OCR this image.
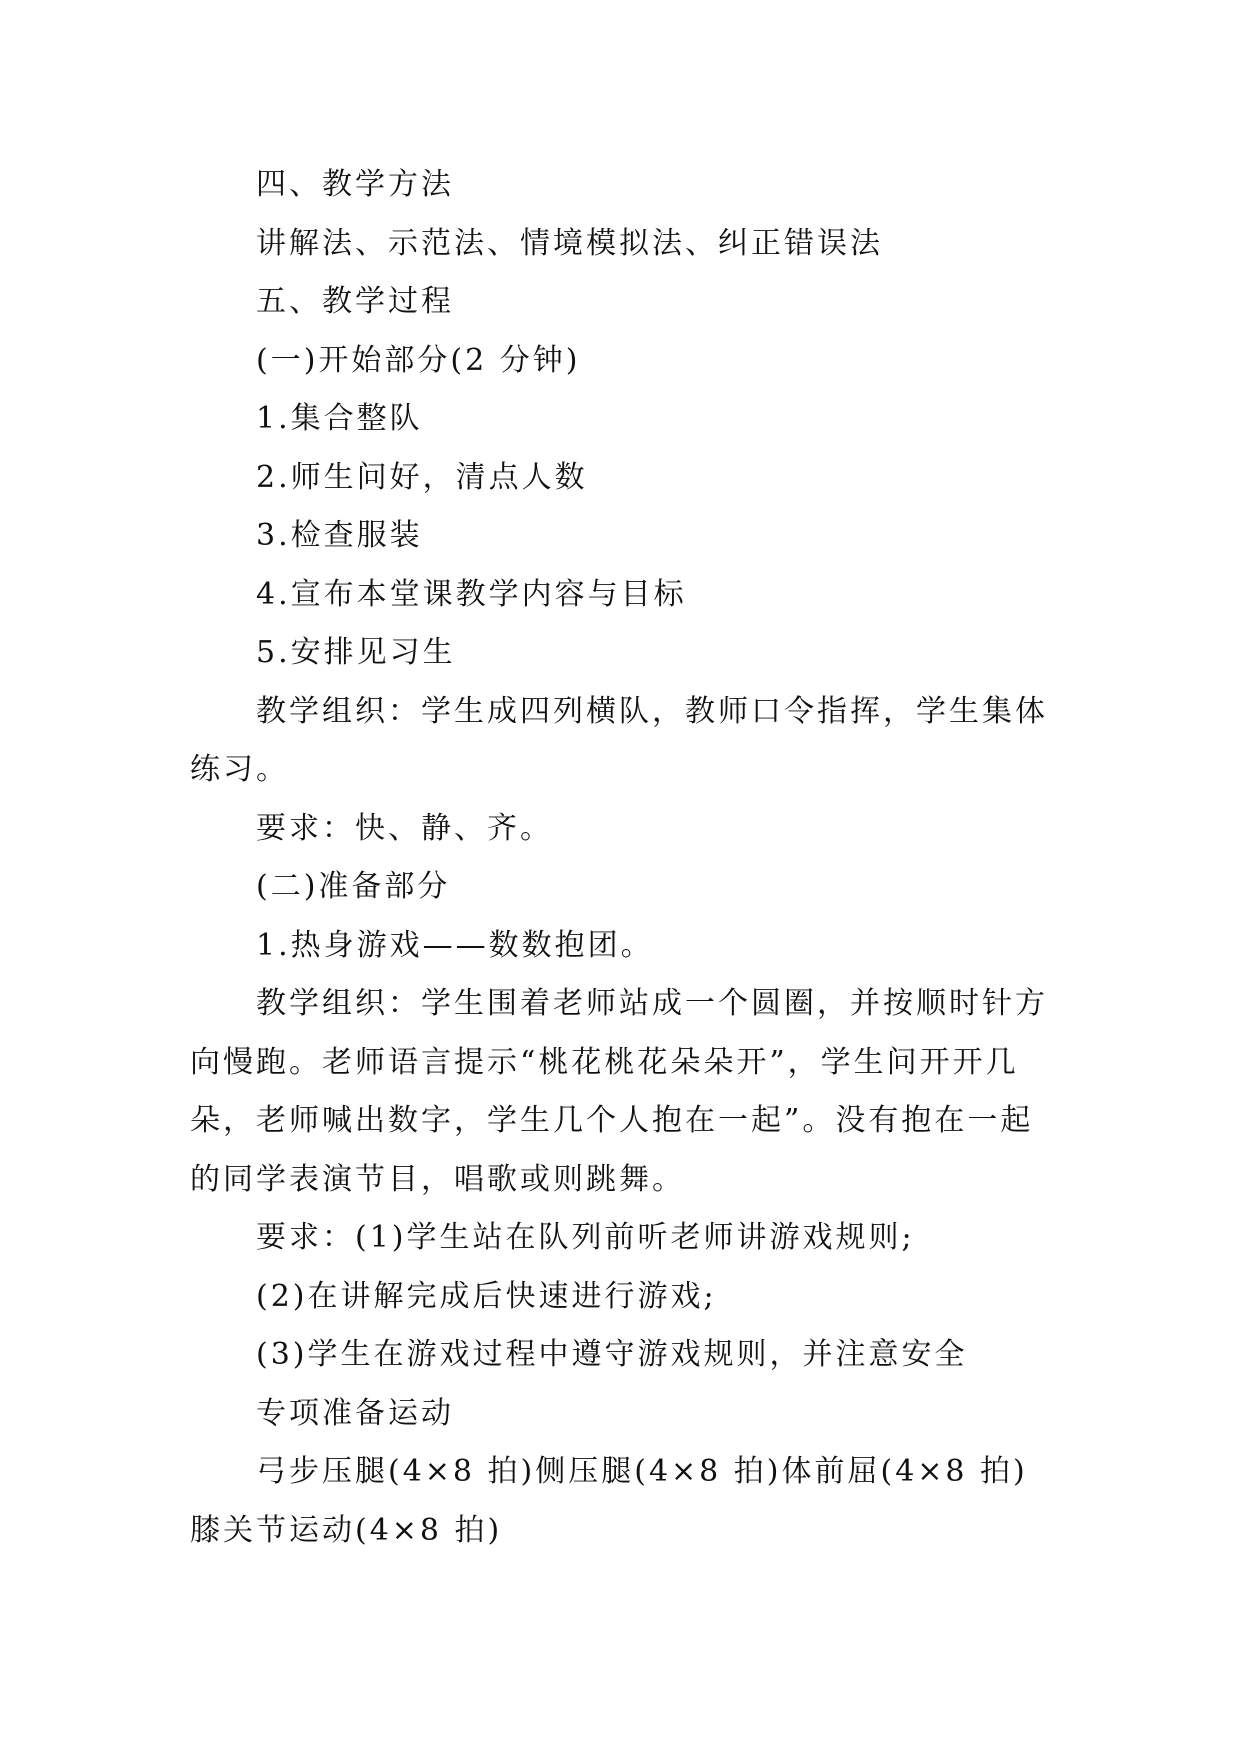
四、教学方法

讲解法、示范法、情境模拟法、纠正错误法

五、教学过程

(一)开始部分(2 分钟)

1.集合整队

2.师生问好，清点人数

3.检查服装

4.宣布本堂课教学内容与目标

5.安排见习生

教学组织：学生成四列横队，教师口令指挥，学生集体练习。

要求：快、静、齐。

(二)准备部分

1.热身游戏——数数抱团。

教学组织：学生围着老师站成一个圆圈，并按顺时针方向慢跑。老师语言提示“桃花桃花朵朵开”，学生问开开几朵，老师喊出数字，学生几个人抱在一起”。没有抱在一起的同学表演节目，唱歌或则跳舞。

要求：(1)学生站在队列前听老师讲游戏规则;

(2)在讲解完成后快速进行游戏;

(3)学生在游戏过程中遵守游戏规则，并注意安全

专项准备运动

弓步压腿(4×8 拍)侧压腿(4×8 拍)体前屈(4×8 拍)膝关节运动(4×8 拍)
